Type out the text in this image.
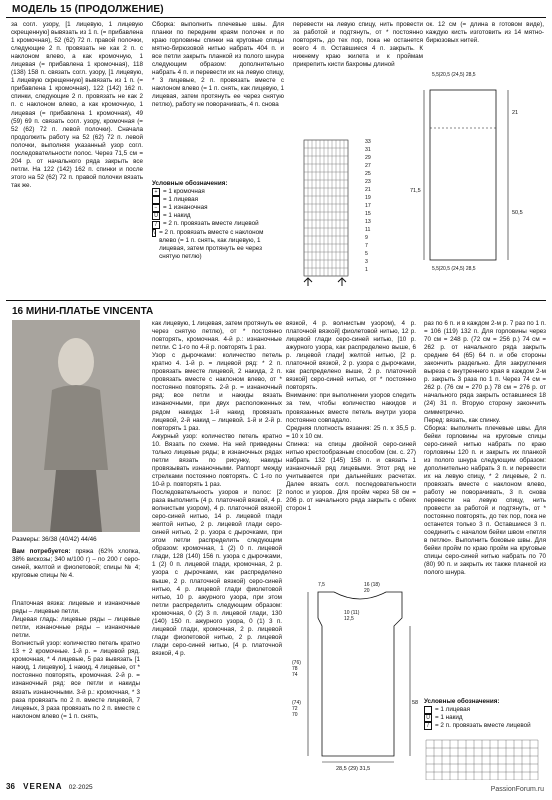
МОДЕЛЬ 15 (ПРОДОЛЖЕНИЕ)
за согл. узору, [1 лицевую, 1 лицевую скрещенную] вывязать из 1 п. (= прибавлена 1 кромочная), 52 (62) 72 п. правой полочки, следующие 2 п. провязать не как 2 п. с наклоном влево, а как кромочную, 1 лицевая (= прибавлена 1 кромочная), 118 (138) 158 п. связать согл. узору, [1 лицевую, 1 лицевую скрещенную] вывязать из 1 п. (= прибавлена 1 кромочная), 122 (142) 162 п. спинки, следующие 2 п. провязать не как 2 п. с наклоном влево, а как кромочную, 1 лицевая (= прибавлена 1 кромочная), 49 (59) 69 п. связать согл. узору, кромочная (= 52 (62) 72 п. левой полочки). Сначала продолжить работу на 52 (62) 72 п. левой полочки, выполняя указанный узор согл. последовательности полос. Через 71,5 см = 204 р. от начального ряда закрыть все петли. На 122 (142) 162 п. спинки и после этого на 52 (62) 72 п. правой полочки вязать так же.
Сборка: выполнить плечевые швы. Для планки по передним краям полочек и по краю горловины спинки на круговые спицы мятно-бирюзовой нитью набрать 404 п. и все петли закрыть планкой из полого шнура следующим образом: дополнительно набрать 4 п. и перевести их на левую спицу, * 3 лицевые, 2 п. провязать вместе с наклоном влево (= 1 п. снять, как лицевую, 1 лицевая, затем протянуть ее через снятую петлю), работу не поворачивать, 4 п. снова
перевести на левую спицу, нить провести за работой и подтянуть, от * постоянно повторять, до тех пор, пока не останется всего 4 п. Оставшиеся 4 п. закрыть. К нижнему краю жилета и к проймам прикрепить кисти бахромы длиной
ок. 12 см (= длина в готовом виде), каждую кисть изготовить из 14 мятно-бирюзовых нитей.
Условные обозначения:
+ = 1 кромочная
= 1 лицевая
− = 1 изнаночная
U = 1 накид
/	= 2 п. провязать вместе лицевой
\ = 2 п. провязать вместе с наклоном влево (= 1 п. снять, как лицевую, 1 лицевая, затем протянуть ее через снятую петлю)
33
31
29
27
25
23
21
19
17
15
13
11
9
7
5
3
1
5,5|20,5 (24,5) 28,5
5,5|20,5 (24,5) 28,5
71,5
21
50,5
16 МИНИ-ПЛАТЬЕ VINCENTA
Размеры: 36/38 (40/42) 44/46
Вам потребуется: пряжа (62% хлопка, 38% вискозы; 340 м/100 г) – по 200 г серо-синей, желтой и фиолетовой; спицы № 4; круговые спицы № 4.
Платочная вязка: лицевые и изнаночные ряды – лицевые петли.
Лицевая гладь: лицевые ряды – лицевые петли, изнаночные ряды – изнаночные петли.
Волнистый узор: количество петель кратно 13 + 2 кромочные. 1-й р. = лицевой ряд. кромочная, * 4 лицевые, 5 раз вывязать [1 накид, 1 лицевую], 1 накид, 4 лицевые, от * постоянно повторять, кромочная. 2-й р. = изнаночный ряд: все петли и накиды вязать изнаночными. 3-й р.: кромочная, * 3 раза провязать по 2 п. вместе лицевой, 7 лицевых, 3 раза провязать по 2 п. вместе с наклоном влево (= 1 п. снять,
как лицевую, 1 лицевая, затем протянуть ее через снятую петлю), от * постоянно повторять, кромочная. 4-й р.: изнаночные петли. С 1-го по 4-й р. повторять 1 раз.
Узор с дырочками: количество петель кратно 4. 1-й р. = лицевой ряд: * 2 п. провязать вместе лицевой, 2 накида, 2 п. провязать вместе с наклоном влево, от * постоянно повторять. 2-й р. = изнаночный ряд: все петли и накиды вязать изнаночными, при двух расположенных рядом накидах 1-й накид провязать лицевой, 2-й накид – лицевой. 1-й и 2-й р. повторять 1 раз.
Ажурный узор: количество петель кратно 10. Вязать по схеме. На ней приведены только лицевые ряды; в изнаночных рядах петли вязать по рисунку, накиды провязывать изнаночными. Раппорт между стрелками постоянно повторять. С 1-го по 10-й р. повторять 1 раз.
Последовательность узоров и полос: [2 раза выполнить (4 р. платочной вязкой, 4 р. волнистым узором), 4 р. платочной вязкой] серо-синей нитью, 14 р. лицевой глади желтой нитью, 2 р. лицевой глади серо-синей нитью, 2 р. узора с дырочками, при этом петли распределить следующим образом: кромочная, 1 (2) 0 п. лицевой глади, 128 (140) 156 п. узора с дырочками, 1 (2) 0 п. лицевой глади, кромочная, 2 р. узора с дырочками, как распределено выше, 2 р. платочной вязкой) серо-синей нитью, 4 р. лицевой глади фиолетовой нитью, 10 р. ажурного узора, при этом петли распределить следующим образом: кромочная, 0 (2) 3 п. лицевой глади, 130 (140) 150 п. ажурного узора, 0 (1) 3 п. лицевой глади, кромочная, 2 р. лицевой глади фиолетовой нитью, 2 р. лицевой глади серо-синей нитью, [4 р. платочной вязкой, 4 р.
вязкой, 4 р. волнистым узором), 4 р. платочной вязкой] фиолетовой нитью, 12 р. лицевой глади серо-синей нитью, [10 р. ажурного узора, как распределено выше, 6 р. лицевой глади] желтой нитью, [2 р. платочной вязкой, 2 р. узора с дырочками, как распределено выше, 2 р. платочной вязкой] серо-синей нитью, от * постоянно повторять.
Внимание: при выполнении узоров следить за тем, чтобы количество накидов и провязанных вместе петель внутри узора постоянно совпадало.
Средняя плотность вязания: 25 п. х 35,5 р. = 10 х 10 см.
Спинка: на спицы двойной серо-синей нитью крестообразным способом (см. с. 27) набрать 132 (145) 158 п. и связать 1 изнаночный ряд лицевыми. Этот ряд не учитывается при дальнейших расчетах. Далее вязать согл. последовательности полос и узоров. Для пройм через 58 см = 206 р. от начального ряда закрыть с обеих сторон 1
раз по 6 п. и в каждом 2-м р. 7 раз по 1 п. = 106 (119) 132 п. Для горловины через 70 см = 248 р. (72 см = 256 р.) 74 см = 262 р. от начального ряда закрыть средние 64 (65) 64 п. и обе стороны закончить раздельно. Для закругления выреза с внутреннего края в каждом 2-м р. закрыть 3 раза по 1 п. Через 74 см = 262 р. (76 см = 270 р.) 78 см = 276 р. от начального ряда закрыть оставшиеся 18 (24) 31 п. Вторую сторону закончить симметрично.
Перед: вязать, как спинку.
Сборка: выполнить плечевые швы. Для бейки горловины на круговые спицы серо-синей нитью набрать по краю горловины 120 п. и закрыть их планкой из полого шнура следующим образом: дополнительно набрать 3 п. и перевести их на левую спицу, * 2 лицевые, 2 п. провязать вместе с наклоном влево, работу не поворачивать, 3 п. снова перевести на левую спицу, нить провести за работой и подтянуть, от * постоянно повторять, до тех пор, пока не останется только 3 п. Оставшиеся 3 п. соединить с началом бейки швом «петля в петлю». Выполнить боковые швы. Для бейки пройм по краю пройм на круговые спицы серо-синей нитью набрать по 70 (80) 90 п. и закрыть их также планкой из полого шнура.
7,5	16 (18) 20
10 (11) 12,5
(74) 72 70
(76) 78 74
58
28,5 (29) 31,5
Условные обозначения:
= 1 лицевая
U = 1 накид
/	= 2 п. провязать вместе лицевой
36 VERENA 02·2025	PassionForum.ru
